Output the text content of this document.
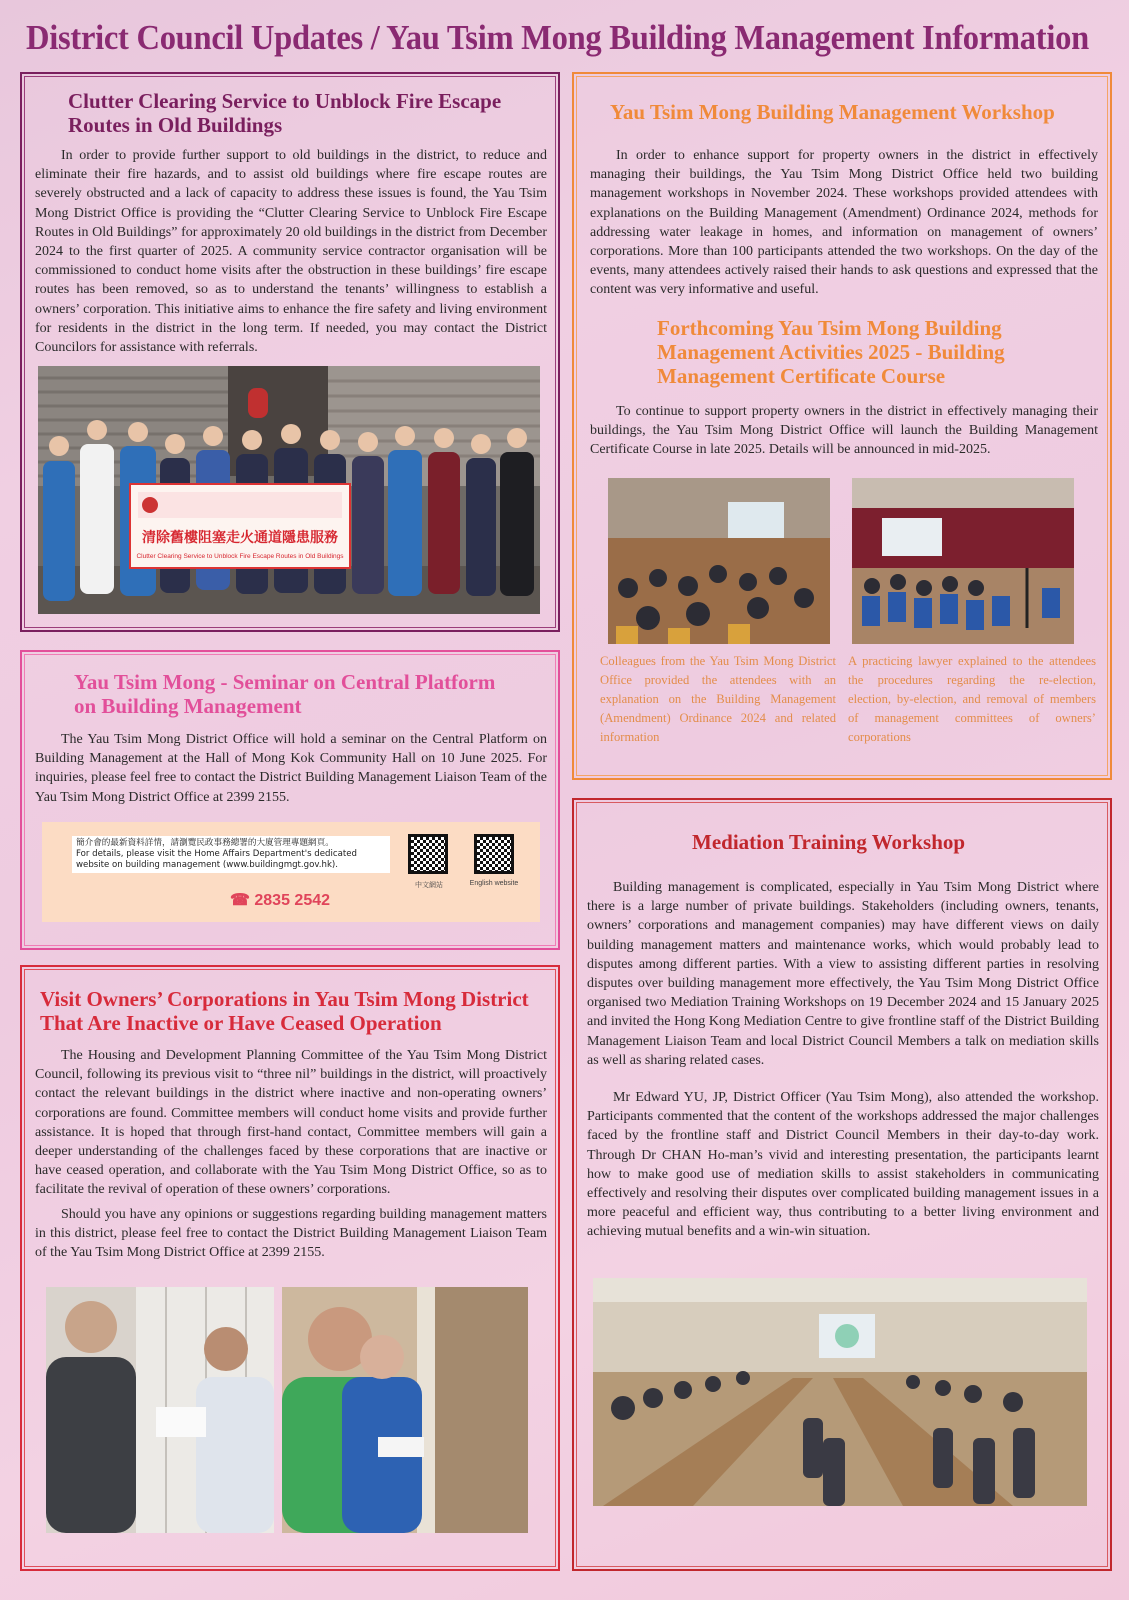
District Council Updates / Yau Tsim Mong Building Management Information
Clutter Clearing Service to Unblock Fire Escape
Routes in Old Buildings

In order to provide further support to old buildings in the district, to reduce and eliminate their fire hazards, and to assist old buildings where fire escape routes are severely obstructed and a lack of capacity to address these issues is found, the Yau Tsim Mong District Office is providing the “Clutter Clearing Service to Unblock Fire Escape Routes in Old Buildings” for approximately 20 old buildings in the district from December 2024 to the first quarter of 2025. A community service contractor organisation will be commissioned to conduct home visits after the obstruction in these buildings’ fire escape routes has been removed, so as to understand the tenants’ willingness to establish a owners’ corporation. This initiative aims to enhance the fire safety and living environment for residents in the district in the long term. If needed, you may contact the District Councilors for assistance with referrals.

清除舊樓阻塞走火通道隱患服務
Clutter Clearing Service to Unblock Fire Escape Routes in Old Buildings
Yau Tsim Mong - Seminar on Central Platform
on Building Management

The Yau Tsim Mong District Office will hold a seminar on the Central Platform on Building Management at the Hall of Mong Kok Community Hall on 10 June 2025. For inquiries, please feel free to contact the District Building Management Liaison Team of the Yau Tsim Mong District Office at 2399 2155.

簡介會的最新資料詳情，請瀏覽民政事務總署的大廈管理專題網頁。
For details, please visit the Home Affairs Department's dedicated website on building management (www.buildingmgt.gov.hk).
☎ 2835 2542
中文網站	English website
Visit Owners’ Corporations in Yau Tsim Mong District
That Are Inactive or Have Ceased Operation

The Housing and Development Planning Committee of the Yau Tsim Mong District Council, following its previous visit to “three nil” buildings in the district, will proactively contact the relevant buildings in the district where inactive and non-operating owners’ corporations are found. Committee members will conduct home visits and provide further assistance. It is hoped that through first-hand contact, Committee members will gain a deeper understanding of the challenges faced by these corporations that are inactive or have ceased operation, and collaborate with the Yau Tsim Mong District Office, so as to facilitate the revival of operation of these owners’ corporations.

Should you have any opinions or suggestions regarding building management matters in this district, please feel free to contact the District Building Management Liaison Team of the Yau Tsim Mong District Office at 2399 2155.

Yau Tsim Mong Building Management Workshop

In order to enhance support for property owners in the district in effectively managing their buildings, the Yau Tsim Mong District Office held two building management workshops in November 2024. These workshops provided attendees with explanations on the Building Management (Amendment) Ordinance 2024, methods for addressing water leakage in homes, and information on management of owners’ corporations. More than 100 participants attended the two workshops. On the day of the events, many attendees actively raised their hands to ask questions and expressed that the content was very informative and useful.

Forthcoming Yau Tsim Mong Building
Management Activities 2025 - Building
Management Certificate Course

To continue to support property owners in the district in effectively managing their buildings, the Yau Tsim Mong District Office will launch the Building Management Certificate Course in late 2025. Details will be announced in mid-2025.

Colleagues from the Yau Tsim Mong District Office provided the attendees with an explanation on the Building Management (Amendment) Ordinance 2024 and related information
A practicing lawyer explained to the attendees the procedures regarding the re-election, election, by-election, and removal of members of management committees of owners’ corporations
Mediation Training Workshop

Building management is complicated, especially in Yau Tsim Mong District where there is a large number of private buildings. Stakeholders (including owners, tenants, owners’ corporations and management companies) may have different views on daily building management matters and maintenance works, which would probably lead to disputes among different parties. With a view to assisting different parties in resolving disputes over building management more effectively, the Yau Tsim Mong District Office organised two Mediation Training Workshops on 19 December 2024 and 15 January 2025 and invited the Hong Kong Mediation Centre to give frontline staff of the District Building Management Liaison Team and local District Council Members a talk on mediation skills as well as sharing related cases.

Mr Edward YU, JP, District Officer (Yau Tsim Mong), also attended the workshop. Participants commented that the content of the workshops addressed the major challenges faced by the frontline staff and District Council Members in their day-to-day work. Through Dr CHAN Ho-man’s vivid and interesting presentation, the participants learnt how to make good use of mediation skills to assist stakeholders in communicating effectively and resolving their disputes over complicated building management issues in a more peaceful and efficient way, thus contributing to a better living environment and achieving mutual benefits and a win-win situation.
